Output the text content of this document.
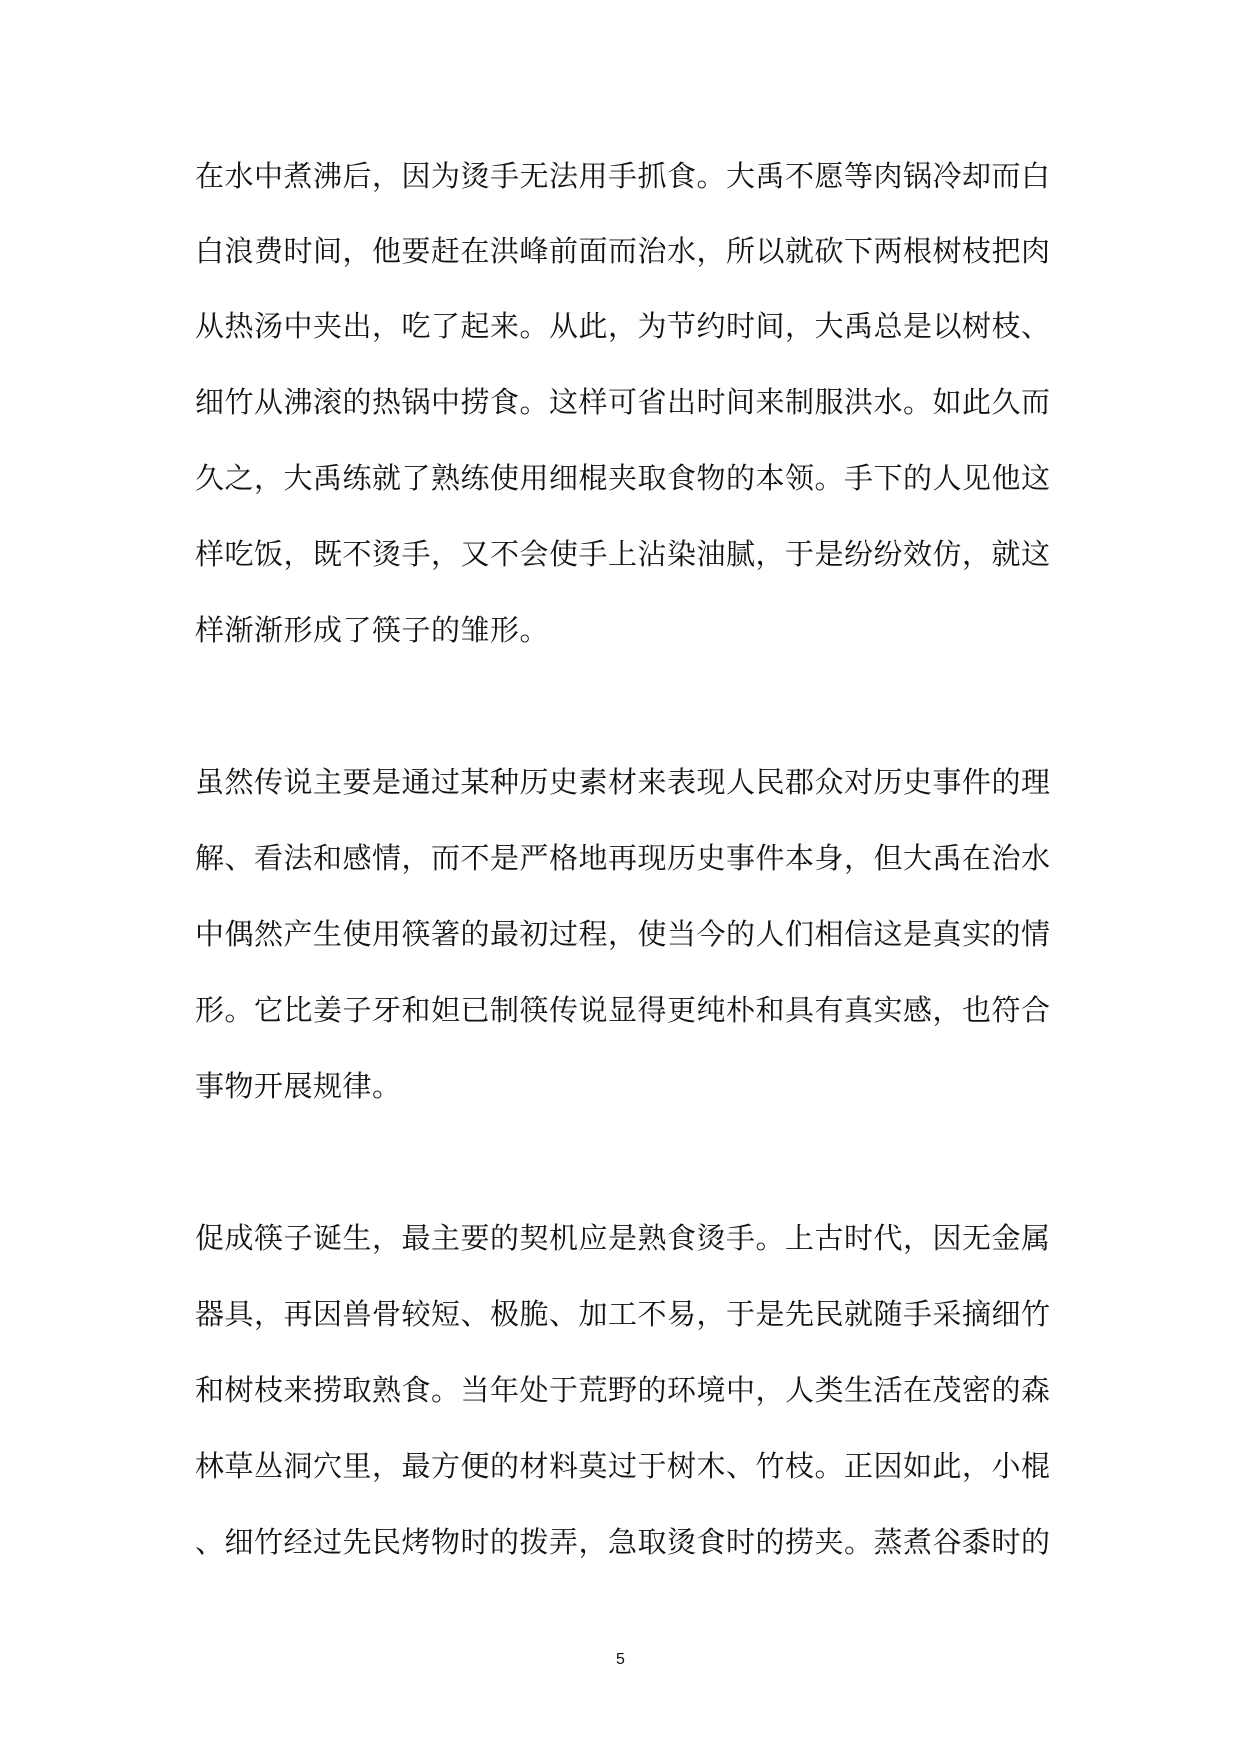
在水中煮沸后，因为烫手无法用手抓食。大禹不愿等肉锅冷却而白
白浪费时间，他要赶在洪峰前面而治水，所以就砍下两根树枝把肉
从热汤中夹出，吃了起来。从此，为节约时间，大禹总是以树枝、
细竹从沸滚的热锅中捞食。这样可省出时间来制服洪水。如此久而
久之，大禹练就了熟练使用细棍夹取食物的本领。手下的人见他这
样吃饭，既不烫手，又不会使手上沾染油腻，于是纷纷效仿，就这
样渐渐形成了筷子的雏形。
虽然传说主要是通过某种历史素材来表现人民郡众对历史事件的理
解、看法和感情，而不是严格地再现历史事件本身，但大禹在治水
中偶然产生使用筷箸的最初过程，使当今的人们相信这是真实的情
形。它比姜子牙和妲已制筷传说显得更纯朴和具有真实感，也符合
事物开展规律。
促成筷子诞生，最主要的契机应是熟食烫手。上古时代，因无金属
器具，再因兽骨较短、极脆、加工不易，于是先民就随手采摘细竹
和树枝来捞取熟食。当年处于荒野的环境中，人类生活在茂密的森
林草丛洞穴里，最方便的材料莫过于树木、竹枝。正因如此，小棍
、细竹经过先民烤物时的拨弄，急取烫食时的捞夹。蒸煮谷黍时的
5
